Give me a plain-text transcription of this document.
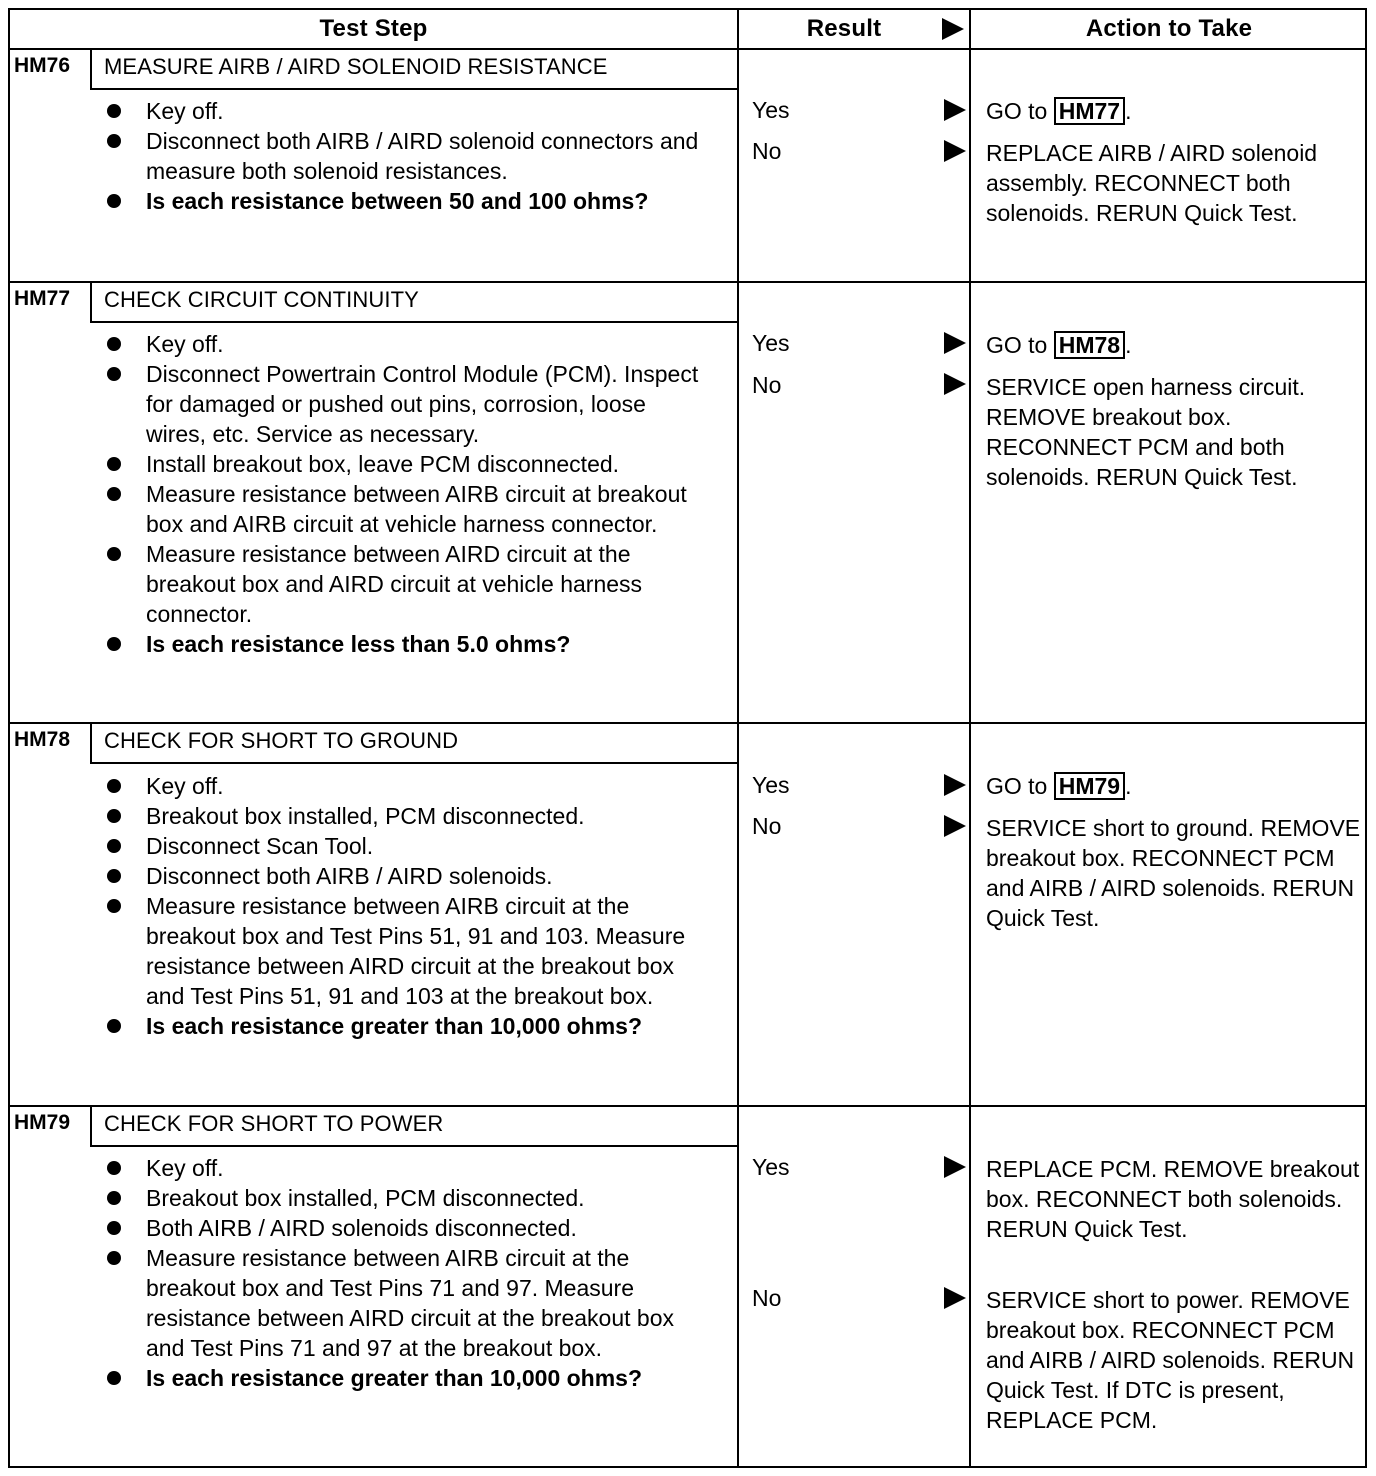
Test Step	Result	Action to Take
HM76 MEASURE AIRB / AIRD SOLENOID RESISTANCE
Key off.
Disconnect both AIRB / AIRD solenoid connectors and measure both solenoid resistances.
Is each resistance between 50 and 100 ohms?
Yes	GO to HM77 .
No	REPLACE AIRB / AIRD solenoid assembly. RECONNECT both solenoids. RERUN Quick Test.
HM77 CHECK CIRCUIT CONTINUITY
Key off.
Disconnect Powertrain Control Module (PCM). Inspect for damaged or pushed out pins, corrosion, loose wires, etc. Service as necessary.
Install breakout box, leave PCM disconnected.
Measure resistance between AIRB circuit at breakout box and AIRB circuit at vehicle harness connector.
Measure resistance between AIRD circuit at the breakout box and AIRD circuit at vehicle harness connector.
Is each resistance less than 5.0 ohms?
Yes	GO to HM78 .
No	SERVICE open harness circuit. REMOVE breakout box. RECONNECT PCM and both solenoids. RERUN Quick Test.
HM78 CHECK FOR SHORT TO GROUND
Key off.
Breakout box installed, PCM disconnected.
Disconnect Scan Tool.
Disconnect both AIRB / AIRD solenoids.
Measure resistance between AIRB circuit at the breakout box and Test Pins 51, 91 and 103. Measure resistance between AIRD circuit at the breakout box and Test Pins 51, 91 and 103 at the breakout box.
Is each resistance greater than 10,000 ohms?
Yes	GO to HM79 .
No	SERVICE short to ground. REMOVE breakout box. RECONNECT PCM and AIRB / AIRD solenoids. RERUN Quick Test.
HM79 CHECK FOR SHORT TO POWER
Key off.
Breakout box installed, PCM disconnected.
Both AIRB / AIRD solenoids disconnected.
Measure resistance between AIRB circuit at the breakout box and Test Pins 71 and 97. Measure resistance between AIRD circuit at the breakout box and Test Pins 71 and 97 at the breakout box.
Is each resistance greater than 10,000 ohms?
Yes	REPLACE PCM. REMOVE breakout box. RECONNECT both solenoids. RERUN Quick Test.
No	SERVICE short to power. REMOVE breakout box. RECONNECT PCM and AIRB / AIRD solenoids. RERUN Quick Test. If DTC is present, REPLACE PCM.
